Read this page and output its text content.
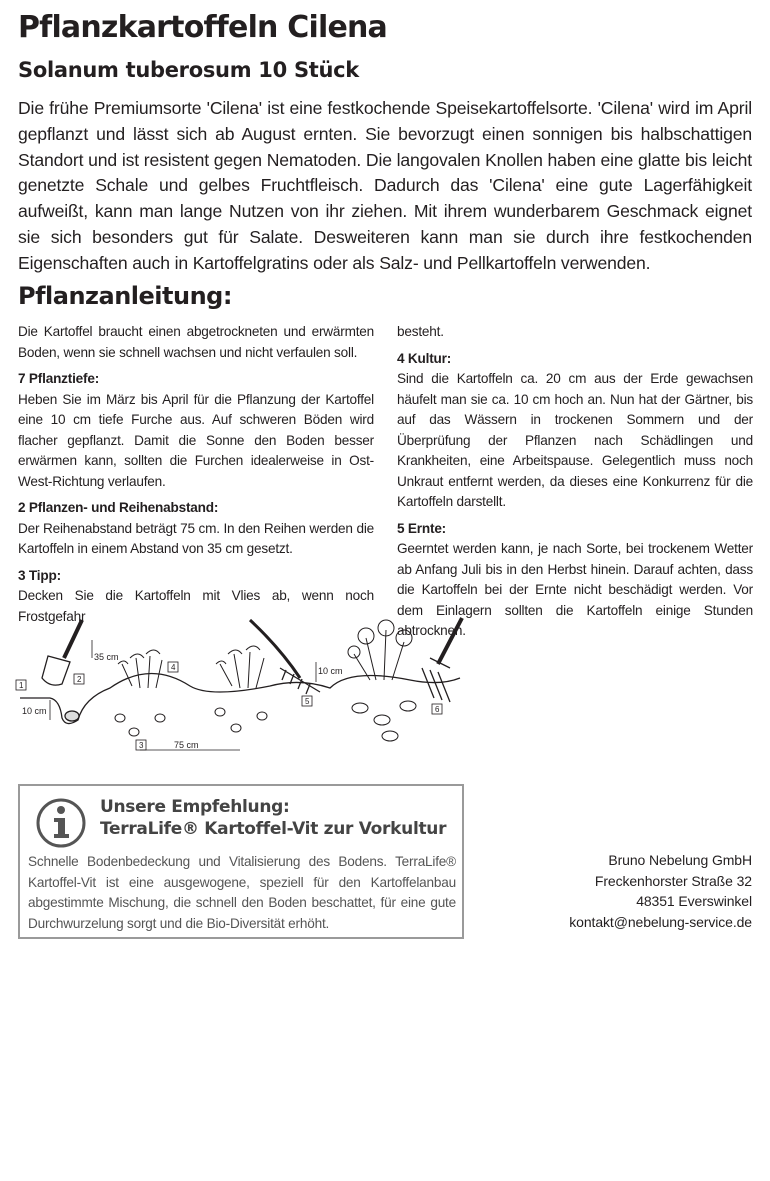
Pflanzkartoffeln Cilena
Solanum tuberosum 10 Stück

Die frühe Premiumsorte 'Cilena' ist eine festkochende Speisekartoffelsorte. 'Cilena' wird im April gepflanzt und lässt sich ab August ernten. Sie bevorzugt einen sonnigen bis halbschattigen Standort und ist resistent gegen Nematoden. Die langovalen Knollen haben eine glatte bis leicht genetzte Schale und gelbes Fruchtfleisch. Dadurch das 'Cilena' eine gute Lagerfähigkeit aufweißt, kann man lange Nutzen von ihr ziehen. Mit ihrem wunderbarem Geschmack eignet sie sich besonders gut für Salate. Desweiteren kann man sie durch ihre festkochenden Eigenschaften auch in Kartoffelgratins oder als Salz- und Pellkartoffeln verwenden.

Pflanzanleitung:

Die Kartoffel braucht einen abgetrockneten und erwärmten Boden, wenn sie schnell wachsen und nicht verfaulen soll.

7 Pflanztiefe:

Heben Sie im März bis April für die Pflanzung der Kartoffel eine 10 cm tiefe Furche aus. Auf schweren Böden wird flacher gepflanzt. Damit die Sonne den Boden besser erwärmen kann, sollten die Furchen idealerweise in Ost-West-Richtung verlaufen.

2 Pflanzen- und Reihenabstand:

Der Reihenabstand beträgt 75 cm. In den Reihen werden die Kartoffeln in einem Abstand von 35 cm gesetzt.

3 Tipp:

Decken Sie die Kartoffeln mit Vlies ab, wenn noch Frostgefahr

besteht.

4 Kultur:

Sind die Kartoffeln ca. 20 cm aus der Erde gewachsen häufelt man sie ca. 10 cm hoch an. Nun hat der Gärtner, bis auf das Wässern in trockenen Sommern und der Überprüfung der Pflanzen nach Schädlingen und Krankheiten, eine Arbeitspause. Gelegentlich muss noch Unkraut entfernt werden, da dieses eine Konkurrenz für die Kartoffeln darstellt.

5 Ernte:

Geerntet werden kann, je nach Sorte, bei trockenem Wetter ab Anfang Juli bis in den Herbst hinein. Darauf achten, dass die Kartoffeln bei der Ernte nicht beschädigt werden. Vor dem Einlagern sollten die Kartoffeln einige Stunden abtrocknen.

35 cm
10 cm
10 cm
75 cm
1
2
3
4
5
6
Unsere Empfehlung:
TerraLife® Kartoffel-Vit zur Vorkultur

Schnelle Bodenbedeckung und Vitalisierung des Bodens. TerraLife® Kartoffel-Vit ist eine ausgewogene, speziell für den Kartoffelanbau abgestimmte Mischung, die schnell den Boden beschattet, für eine gute Durchwurzelung sorgt und die Bio-Diversität erhöht.

Bruno Nebelung GmbH
Freckenhorster Straße 32
48351 Everswinkel
kontakt@nebelung-service.de
